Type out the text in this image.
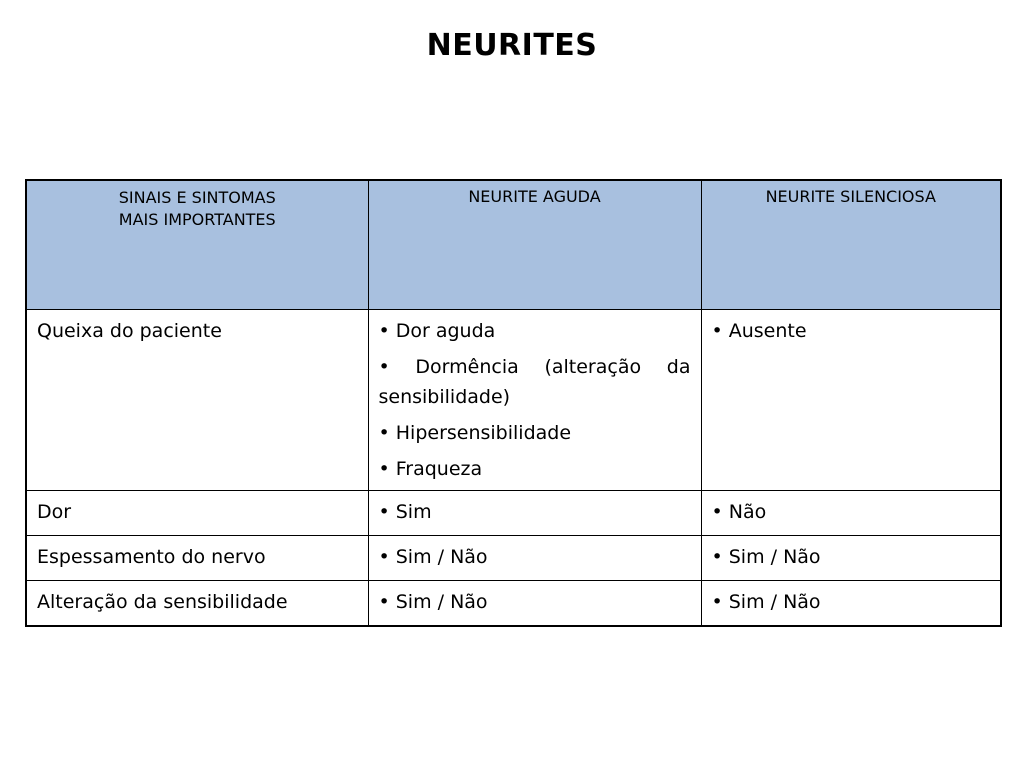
NEURITES
SINAIS E SINTOMAS
MAIS IMPORTANTES	NEURITE AGUDA	NEURITE SILENCIOSA
Queixa do paciente	• Dor aguda
• Dormência (alteração da sensibilidade)
• Hipersensibilidade
• Fraqueza	• Ausente

Dor	• Sim	• Não

Espessamento do nervo	• Sim / Não	• Sim / Não

Alteração da sensibilidade	• Sim / Não	• Sim / Não
